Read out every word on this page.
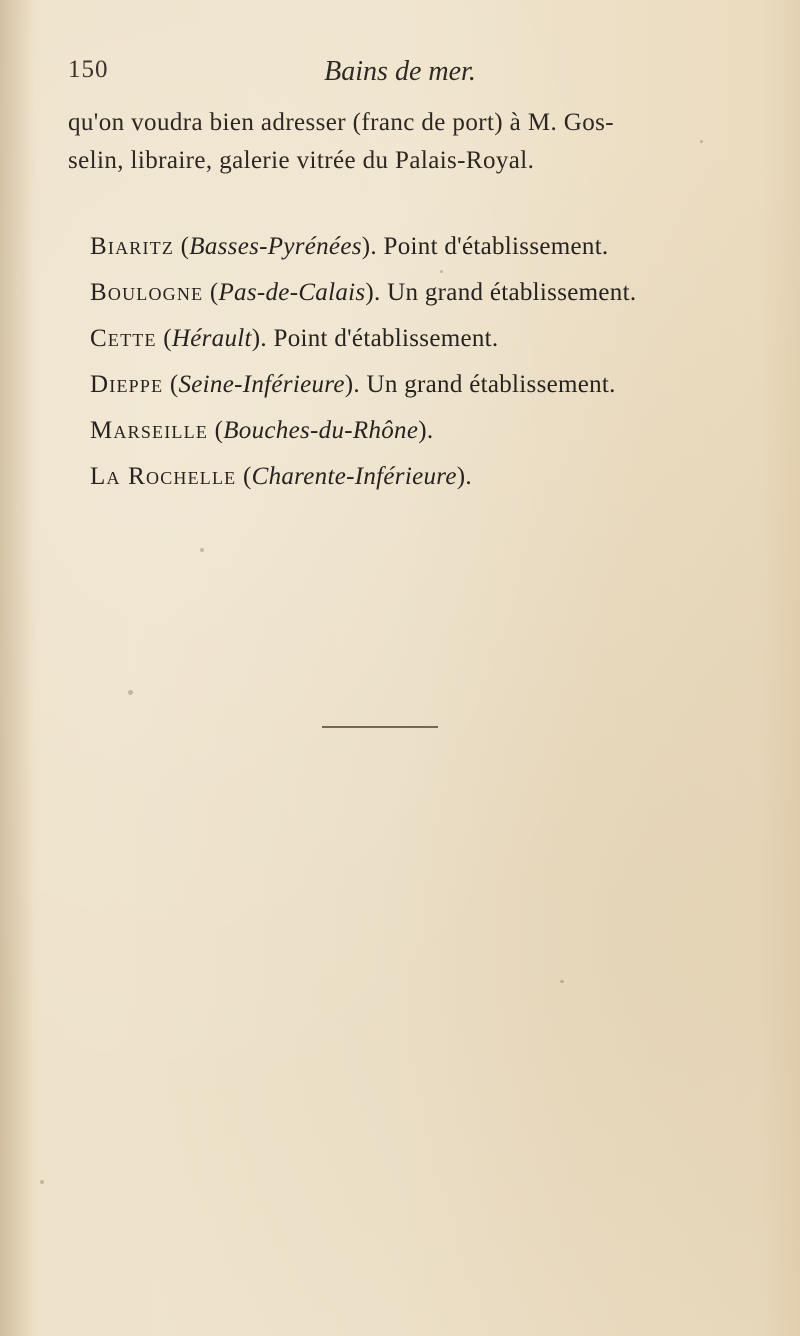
150	Bains de mer.
qu'on voudra bien adresser (franc de port) à M. Gos-
selin, libraire, galerie vitrée du Palais-Royal.
Biaritz (Basses-Pyrénées). Point d'établissement.
Boulogne (Pas-de-Calais). Un grand établissement.
Cette (Hérault). Point d'établissement.
Dieppe (Seine-Inférieure). Un grand établissement.
Marseille (Bouches-du-Rhône).
La Rochelle (Charente-Inférieure).
